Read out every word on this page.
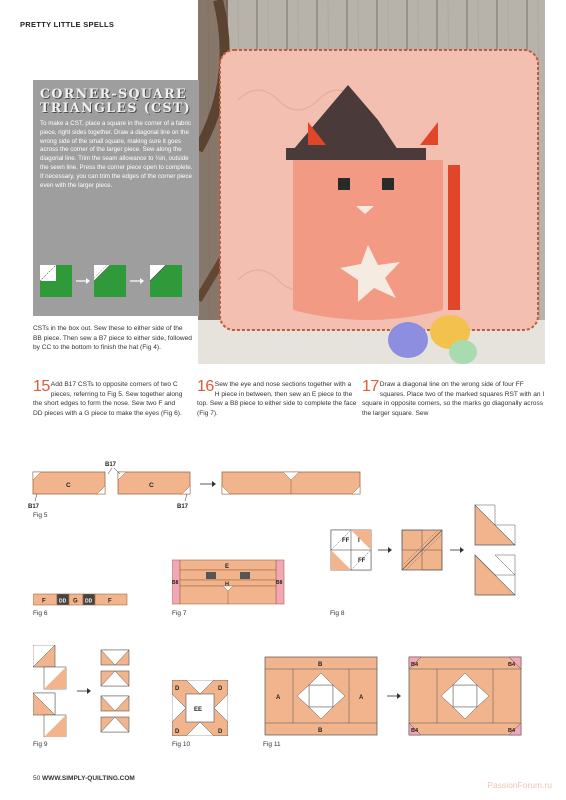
PRETTY LITTLE SPELLS
CORNER-SQUARE
TRIANGLES (CST)
To make a CST, place a square in the corner of a fabric piece, right sides together. Draw a diagonal line on the wrong side of the small square, making sure it goes across the corner of the larger piece. Sew along the diagonal line. Trim the seam allowance to ¼in, outside the sewn line. Press the corner piece open to complete. If necessary, you can trim the edges of the corner piece even with the larger piece.
CSTs in the box out. Sew these to either side of the BB piece. Then sew a B7 piece to either side, followed by CC to the bottom to finish the hat (Fig 4).
15 Add B17 CSTs to opposite corners of two C pieces, referring to Fig 5. Sew together along the short edges to form the nose. Sew two F and DD pieces with a G piece to make the eyes (Fig 6).
16 Sew the eye and nose sections together with a H piece in between, then sew an E piece to the top. Sew a B8 piece to either side to complete the face (Fig 7).
17 Draw a diagonal line on the wrong side of four FF squares. Place two of the marked squares RST with an I square in opposite corners, so the marks go diagonally across the larger square. Sew
C	C
B17
B17	B17
Fig 5
F	DD G DD	F
Fig 6
E
H
B8	B8
Fig 7
FF I
FF
Fig 8
Fig 9
D	D
D	D
EE
Fig 10
B
B
A	A
B4	B4
B4	B4
Fig 11
50 WWW.SIMPLY-QUILTING.COM
PassionForum.ru
